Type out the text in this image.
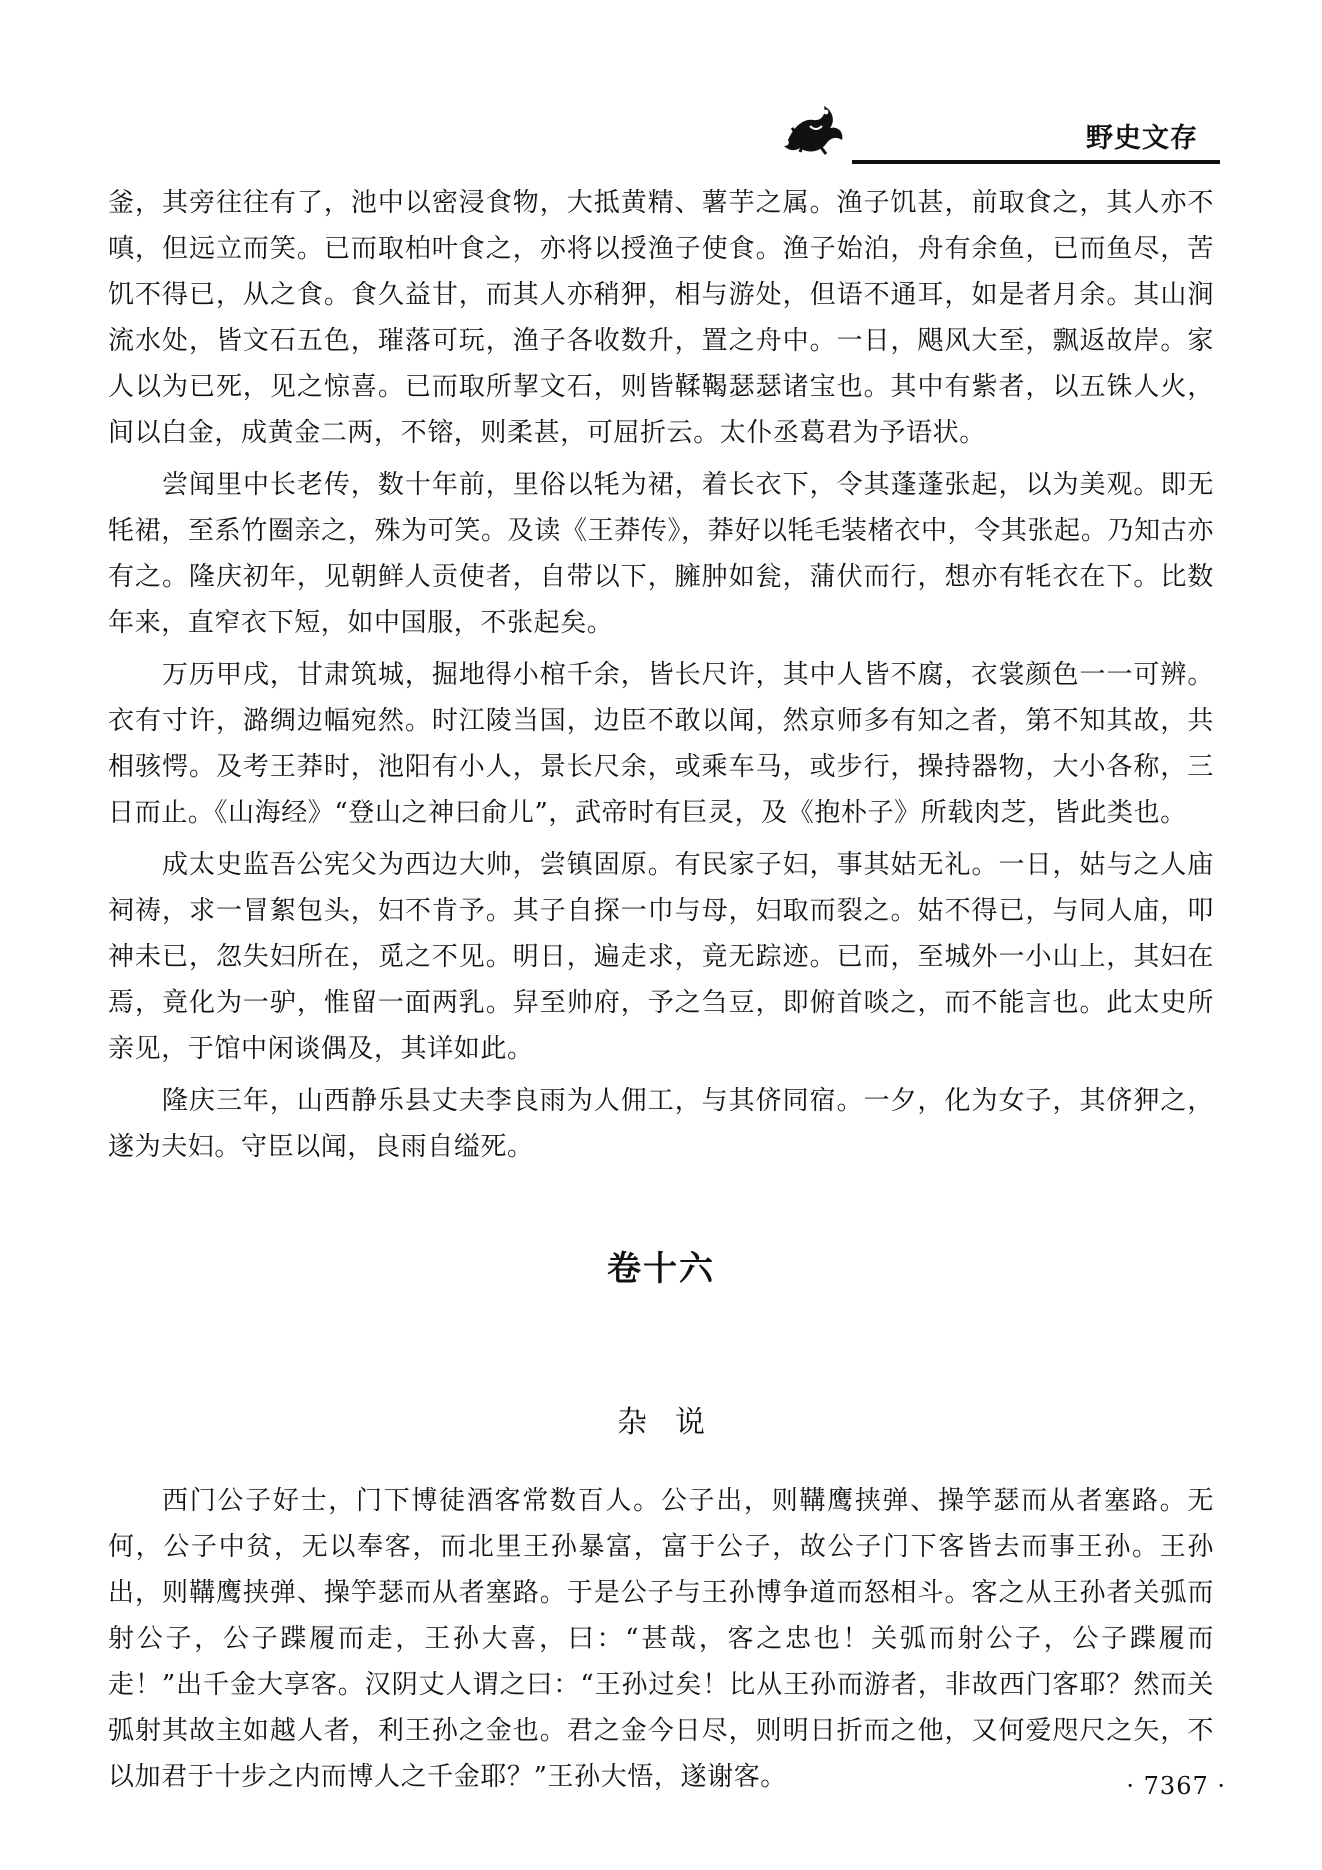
野史文存

釜，其旁往往有了，池中以密浸食物，大抵黄精、薯芋之属。渔子饥甚，前取食之，其人亦不嗔，但远立而笑。已而取柏叶食之，亦将以授渔子使食。渔子始泊，舟有余鱼，已而鱼尽，苦饥不得已，从之食。食久益甘，而其人亦稍狎，相与游处，但语不通耳，如是者月余。其山涧流水处，皆文石五色，璀落可玩，渔子各收数升，置之舟中。一日，飓风大至，飘返故岸。家人以为已死，见之惊喜。已而取所挈文石，则皆鞣鞨瑟瑟诸宝也。其中有紫者，以五铢人火，间以白金，成黄金二两，不镕，则柔甚，可屈折云。太仆丞葛君为予语状。

尝闻里中长老传，数十年前，里俗以牦为裙，着长衣下，令其蓬蓬张起，以为美观。即无牦裙，至系竹圈亲之，殊为可笑。及读《王莽传》，莽好以牦毛装楮衣中，令其张起。乃知古亦有之。隆庆初年，见朝鲜人贡使者，自带以下，臃肿如瓮，蒲伏而行，想亦有牦衣在下。比数年来，直窄衣下短，如中国服，不张起矣。

万历甲戌，甘肃筑城，掘地得小棺千余，皆长尺许，其中人皆不腐，衣裳颜色一一可辨。衣有寸许，潞绸边幅宛然。时江陵当国，边臣不敢以闻，然京师多有知之者，第不知其故，共相骇愕。及考王莽时，池阳有小人，景长尺余，或乘车马，或步行，操持器物，大小各称，三日而止。《山海经》“登山之神曰俞儿”，武帝时有巨灵，及《抱朴子》所载肉芝，皆此类也。

成太史监吾公宪父为西边大帅，尝镇固原。有民家子妇，事其姑无礼。一日，姑与之人庙祠祷，求一冒絮包头，妇不肯予。其子自探一巾与母，妇取而裂之。姑不得已，与同人庙，叩神未已，忽失妇所在，觅之不见。明日，遍走求，竟无踪迹。已而，至城外一小山上，其妇在焉，竟化为一驴，惟留一面两乳。舁至帅府，予之刍豆，即俯首啖之，而不能言也。此太史所亲见，于馆中闲谈偶及，其详如此。

隆庆三年，山西静乐县丈夫李良雨为人佣工，与其侪同宿。一夕，化为女子，其侪狎之，遂为夫妇。守臣以闻，良雨自缢死。

卷十六
杂说

西门公子好士，门下博徒酒客常数百人。公子出，则鞲鹰挟弹、操竽瑟而从者塞路。无何，公子中贫，无以奉客，而北里王孙暴富，富于公子，故公子门下客皆去而事王孙。王孙出，则鞲鹰挟弹、操竽瑟而从者塞路。于是公子与王孙博争道而怒相斗。客之从王孙者关弧而射公子，公子蹀履而走，王孙大喜，曰：“甚哉，客之忠也！关弧而射公子，公子蹀履而走！”出千金大享客。汉阴丈人谓之曰：“王孙过矣！比从王孙而游者，非故西门客耶？然而关弧射其故主如越人者，利王孙之金也。君之金今日尽，则明日折而之他，又何爱咫尺之矢，不以加君于十步之内而博人之千金耶？”王孙大悟，遂谢客。	· 7367 ·
